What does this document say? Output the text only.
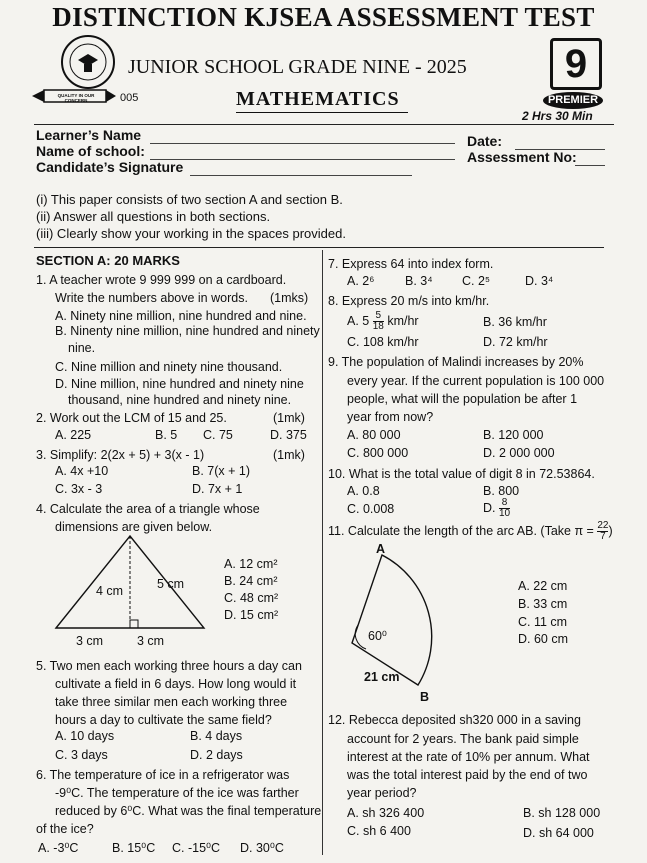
DISTINCTION KJSEA ASSESSMENT TEST
QUALITY IN OUR CONCERN	005
JUNIOR SCHOOL GRADE NINE - 2025
MATHEMATICS
9
PREMIER
2 Hrs 30 Min
Learner’s Name
Name of school:
Candidate’s Signature
Date:
Assessment No:
(i) This paper consists of two section A and section B.
(ii) Answer all questions in both sections.
(iii) Clearly show your working in the spaces provided.
SECTION A: 20 MARKS
1. A teacher wrote 9 999 999 on a cardboard.
Write the numbers above in words. (1mks)
A. Ninety nine million, nine hundred and nine.
B. Ninenty nine million, nine hundred and ninety
nine.
C. Nine million and ninety nine thousand.
D. Nine million, nine hundred and ninety nine
thousand, nine hundred and ninety nine.
2. Work out the LCM of 15 and 25.	(1mk)
A. 225	B. 5 C. 75	D. 375
3. Simplify: 2(2x + 5) + 3(x - 1)	(1mk)
A. 4x +10	B. 7(x + 1)
C. 3x - 3	D. 7x + 1
4. Calculate the area of a triangle whose
dimensions are given below.
4 cm	5 cm
3 cm	3 cm
A. 12 cm²
B. 24 cm²
C. 48 cm²
D. 15 cm²
5. Two men each working three hours a day can
cultivate a field in 6 days. How long would it
take three similar men each working three
hours a day to cultivate the same field?
A. 10 days	B. 4 days
C. 3 days	D. 2 days
6. The temperature of ice in a refrigerator was
-9⁰C. The temperature of the ice was farther
reduced by 6⁰C. What was the final temperature
of the ice?
A. -3⁰C	B. 15⁰C C. -15⁰C D. 30⁰C
7. Express 64 into index form.
A. 2⁶ B. 3⁴ C. 2⁵	D. 3⁴
8. Express 20 m/s into km/hr.
A. $5 \frac{5}{18} km/hr$	B. 36 km/hr
C. 108 km/hr	D. 72 km/hr
9. The population of Malindi increases by 20%
every year. If the current population is 100 000
people, what will the population be after 1
year from now?
A. 80 000	B. 120 000
C. 800 000	D. 2 000 000
10. What is the total value of digit 8 in 72.53864.
A. 0.8	B. 800
C. 0.008	D. $\frac{8}{10}$
11. Calculate the length of the arc AB. (Take $\pi = \frac{22}{7}$ )
A
B
60⁰
21 cm
A. 22 cm
B. 33 cm
C. 11 cm
D. 60 cm
12. Rebecca deposited sh320 000 in a saving
account for 2 years. The bank paid simple
interest at the rate of 10% per annum. What
was the total interest paid by the end of two
year period?
A. sh 326 400	B. sh 128 000
C. sh 6 400	D. sh 64 000
